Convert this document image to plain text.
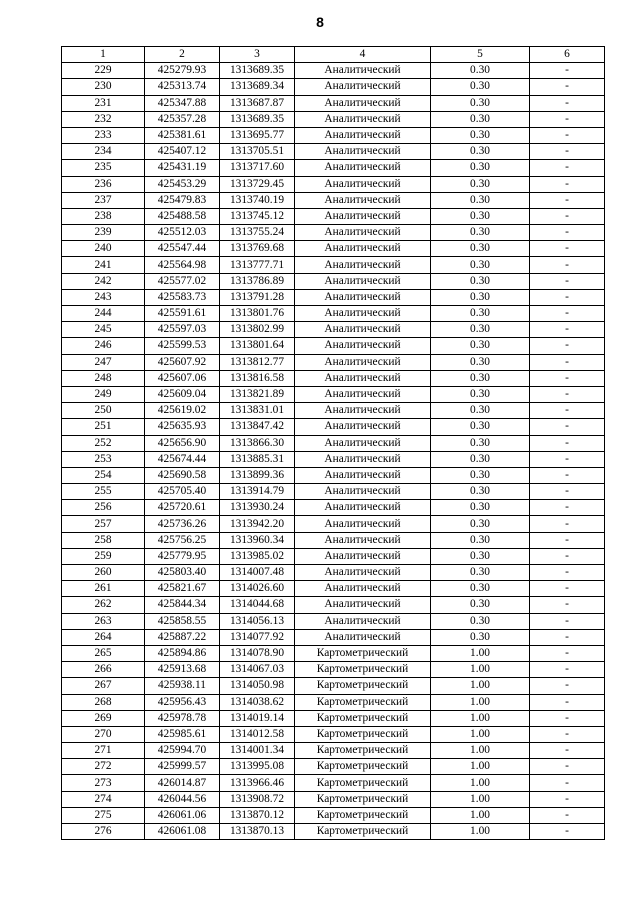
8
1	2	3	4	5	6
229	425279.93	1313689.35	Аналитический	0.30	-
230	425313.74	1313689.34	Аналитический	0.30	-
231	425347.88	1313687.87	Аналитический	0.30	-
232	425357.28	1313689.35	Аналитический	0.30	-
233	425381.61	1313695.77	Аналитический	0.30	-
234	425407.12	1313705.51	Аналитический	0.30	-
235	425431.19	1313717.60	Аналитический	0.30	-
236	425453.29	1313729.45	Аналитический	0.30	-
237	425479.83	1313740.19	Аналитический	0.30	-
238	425488.58	1313745.12	Аналитический	0.30	-
239	425512.03	1313755.24	Аналитический	0.30	-
240	425547.44	1313769.68	Аналитический	0.30	-
241	425564.98	1313777.71	Аналитический	0.30	-
242	425577.02	1313786.89	Аналитический	0.30	-
243	425583.73	1313791.28	Аналитический	0.30	-
244	425591.61	1313801.76	Аналитический	0.30	-
245	425597.03	1313802.99	Аналитический	0.30	-
246	425599.53	1313801.64	Аналитический	0.30	-
247	425607.92	1313812.77	Аналитический	0.30	-
248	425607.06	1313816.58	Аналитический	0.30	-
249	425609.04	1313821.89	Аналитический	0.30	-
250	425619.02	1313831.01	Аналитический	0.30	-
251	425635.93	1313847.42	Аналитический	0.30	-
252	425656.90	1313866.30	Аналитический	0.30	-
253	425674.44	1313885.31	Аналитический	0.30	-
254	425690.58	1313899.36	Аналитический	0.30	-
255	425705.40	1313914.79	Аналитический	0.30	-
256	425720.61	1313930.24	Аналитический	0.30	-
257	425736.26	1313942.20	Аналитический	0.30	-
258	425756.25	1313960.34	Аналитический	0.30	-
259	425779.95	1313985.02	Аналитический	0.30	-
260	425803.40	1314007.48	Аналитический	0.30	-
261	425821.67	1314026.60	Аналитический	0.30	-
262	425844.34	1314044.68	Аналитический	0.30	-
263	425858.55	1314056.13	Аналитический	0.30	-
264	425887.22	1314077.92	Аналитический	0.30	-
265	425894.86	1314078.90	Картометрический	1.00	-
266	425913.68	1314067.03	Картометрический	1.00	-
267	425938.11	1314050.98	Картометрический	1.00	-
268	425956.43	1314038.62	Картометрический	1.00	-
269	425978.78	1314019.14	Картометрический	1.00	-
270	425985.61	1314012.58	Картометрический	1.00	-
271	425994.70	1314001.34	Картометрический	1.00	-
272	425999.57	1313995.08	Картометрический	1.00	-
273	426014.87	1313966.46	Картометрический	1.00	-
274	426044.56	1313908.72	Картометрический	1.00	-
275	426061.06	1313870.12	Картометрический	1.00	-
276	426061.08	1313870.13	Картометрический	1.00	-
